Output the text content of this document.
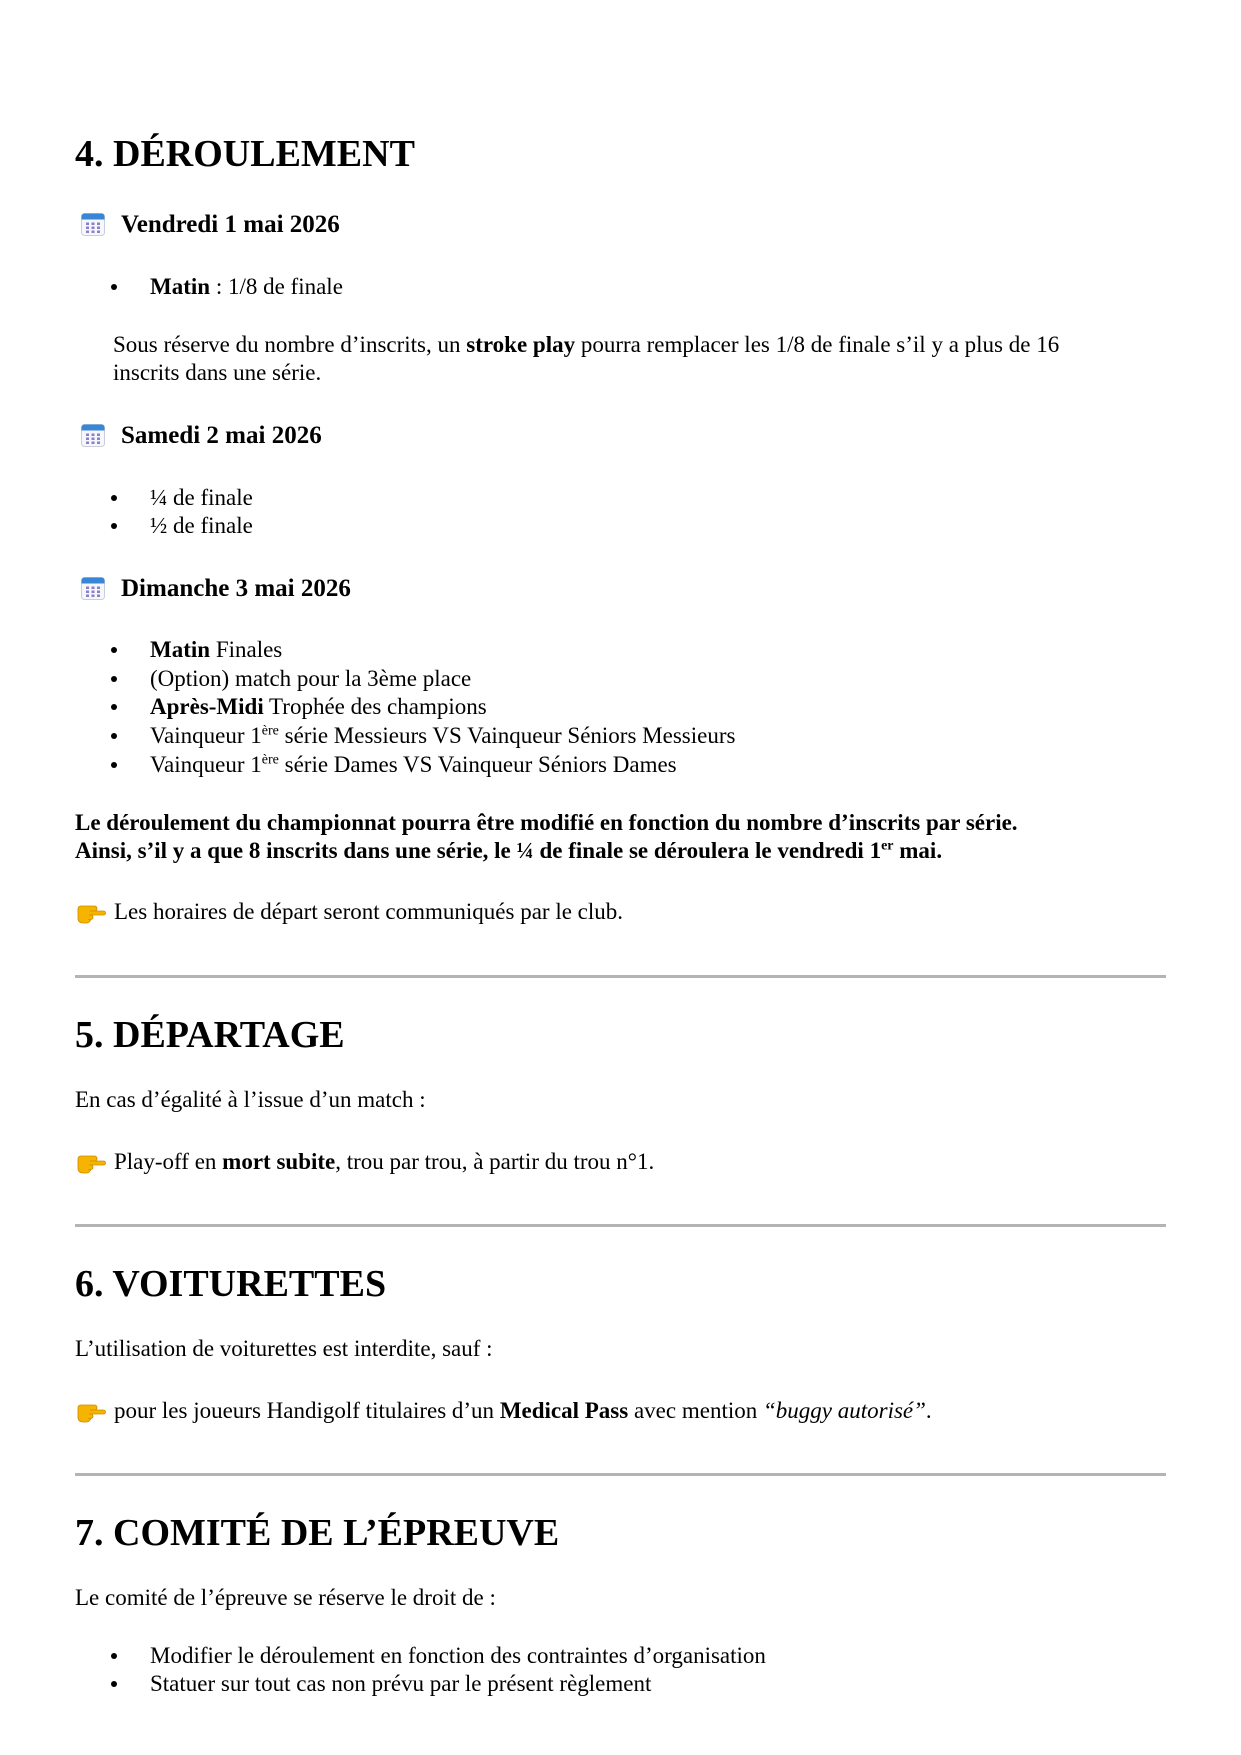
4. DÉROULEMENT
Vendredi 1 mai 2026
Matin : 1/8 de finale
Sous réserve du nombre d’inscrits, un stroke play pourra remplacer les 1/8 de finale s’il y a plus de 16
inscrits dans une série.
Samedi 2 mai 2026
¼ de finale
½ de finale
Dimanche 3 mai 2026
Matin Finales
(Option) match pour la 3ème place
Après-Midi Trophée des champions
Vainqueur 1ère série Messieurs VS Vainqueur Séniors Messieurs
Vainqueur 1ère série Dames VS Vainqueur Séniors Dames
Le déroulement du championnat pourra être modifié en fonction du nombre d’inscrits par série.
Ainsi, s’il y a que 8 inscrits dans une série, le ¼ de finale se déroulera le vendredi 1er mai.
Les horaires de départ seront communiqués par le club.
5. DÉPARTAGE
En cas d’égalité à l’issue d’un match :
Play-off en mort subite, trou par trou, à partir du trou n°1.
6. VOITURETTES
L’utilisation de voiturettes est interdite, sauf :
pour les joueurs Handigolf titulaires d’un Medical Pass avec mention “buggy autorisé”.
7. COMITÉ DE L’ÉPREUVE
Le comité de l’épreuve se réserve le droit de :
Modifier le déroulement en fonction des contraintes d’organisation
Statuer sur tout cas non prévu par le présent règlement
